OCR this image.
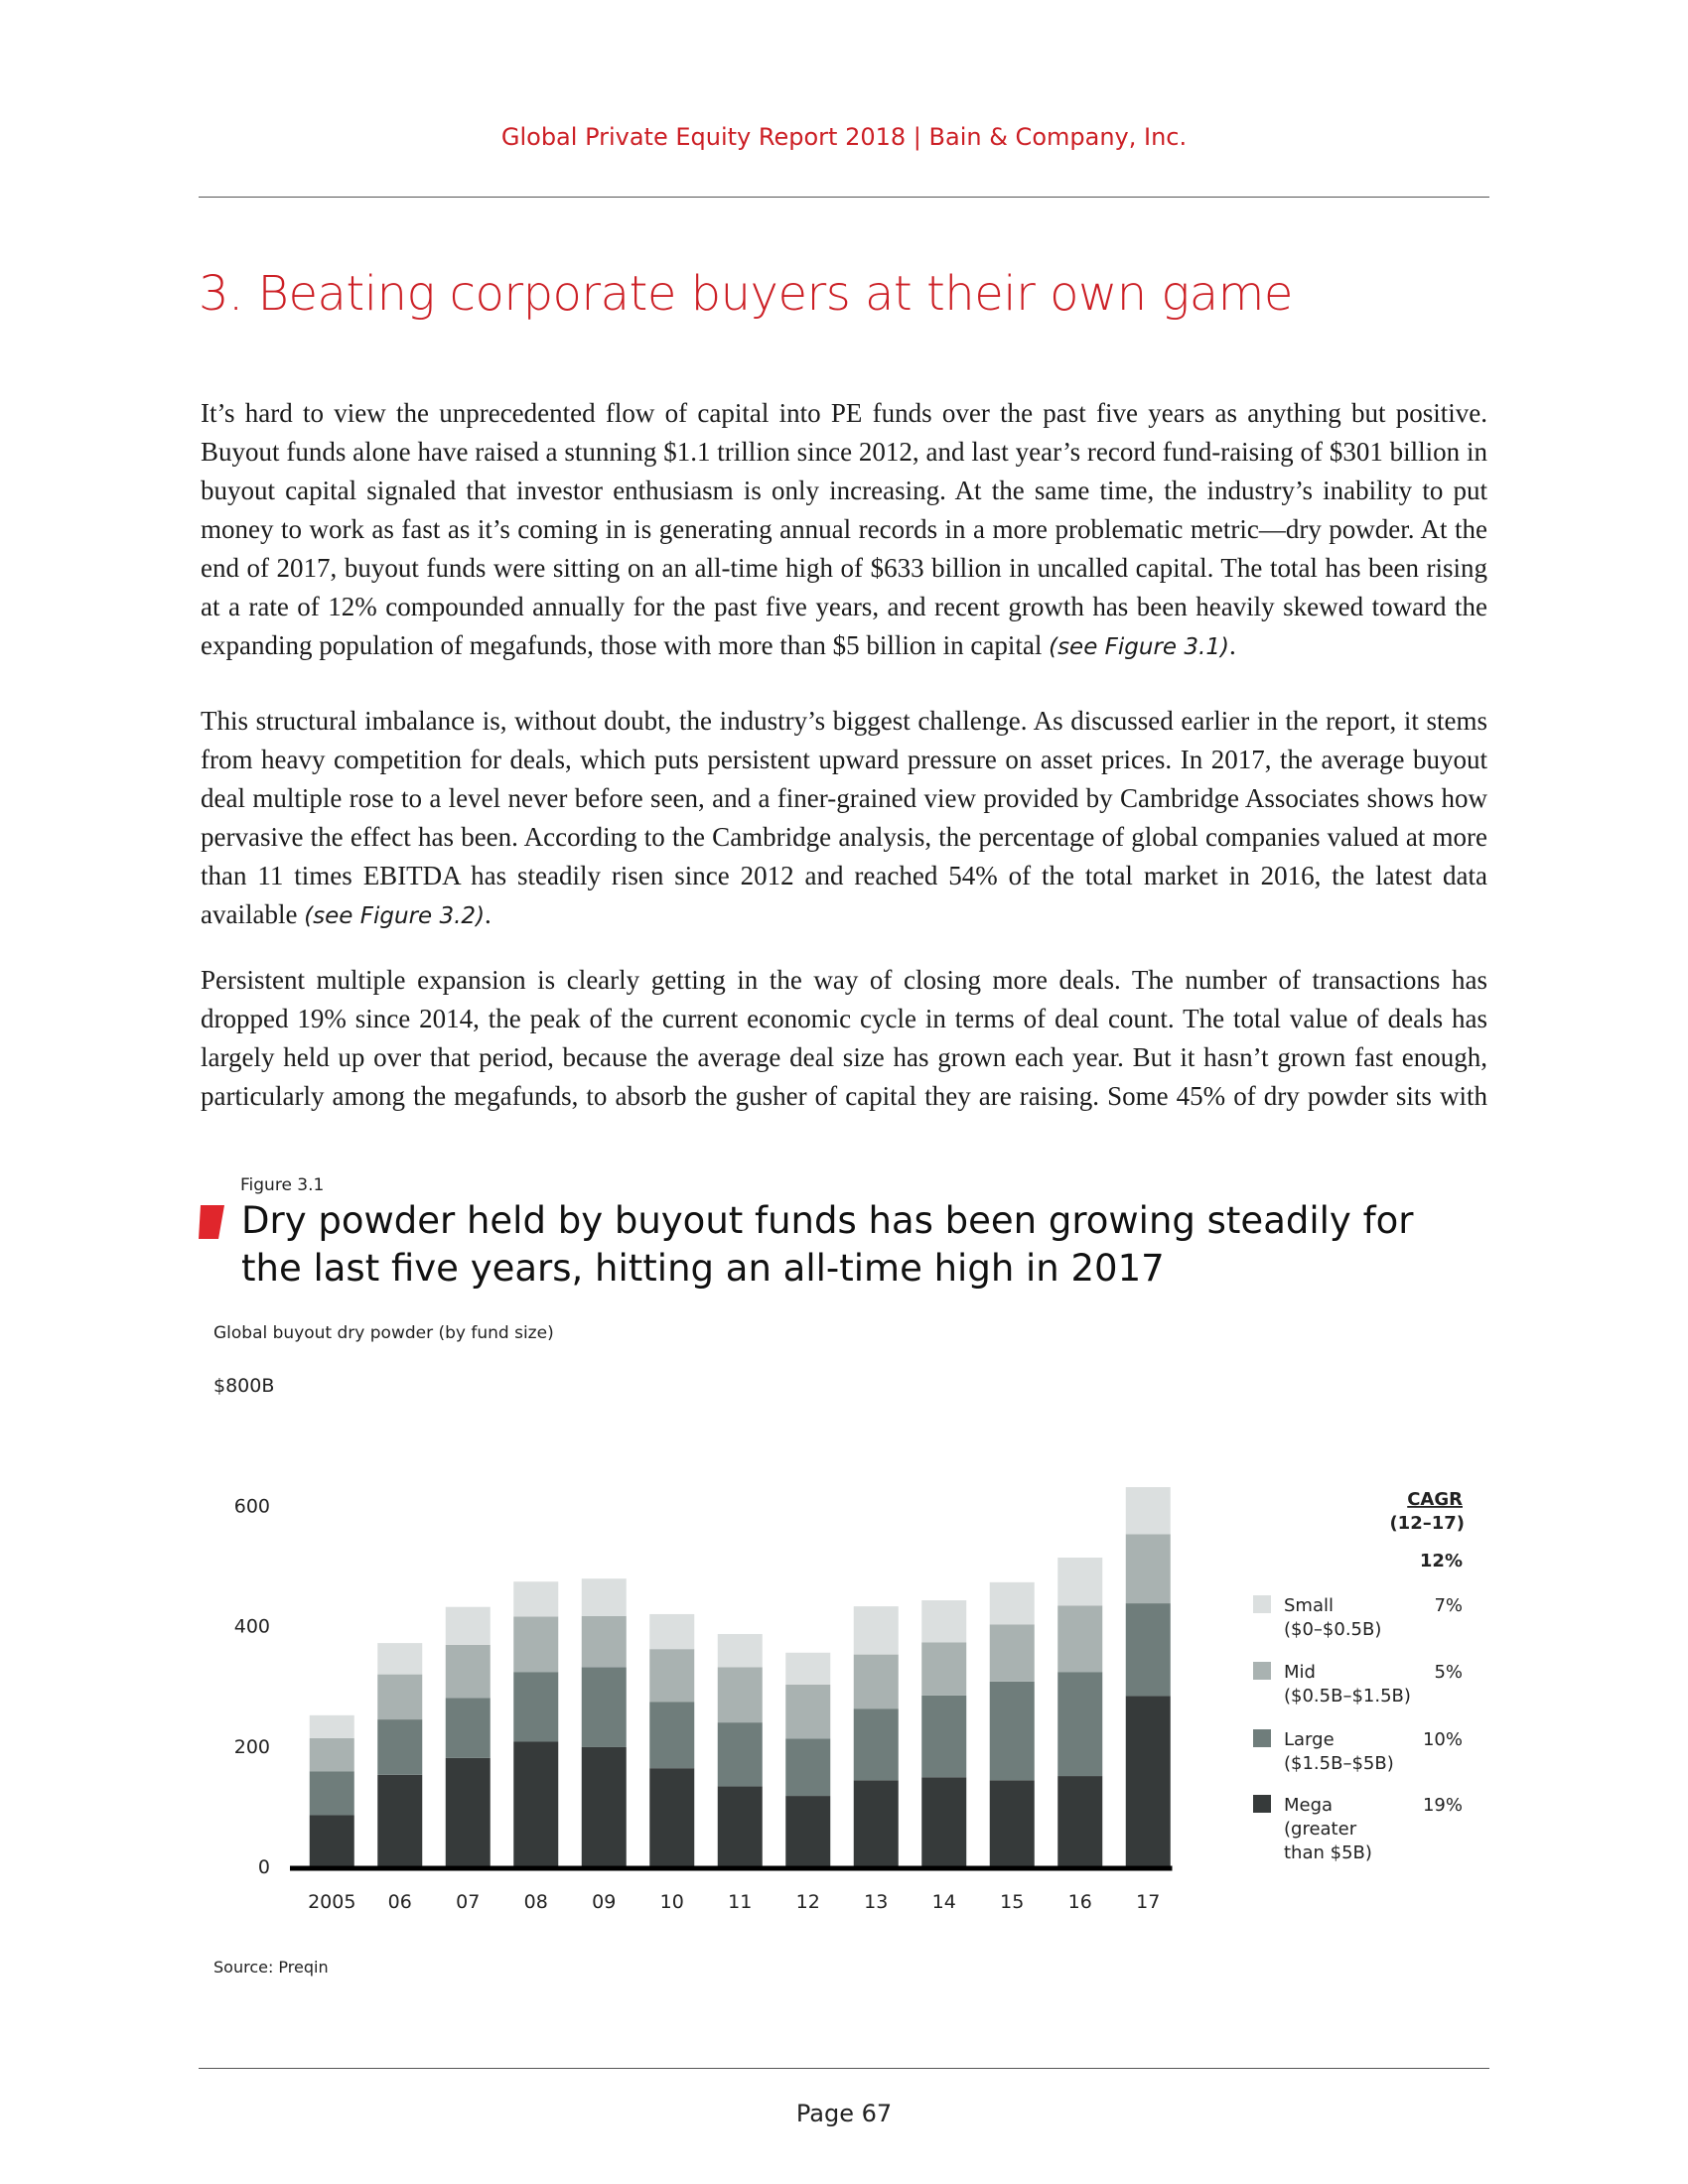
Global Private Equity Report 2018 | Bain & Company, Inc.
3. Beating corporate buyers at their own game
It’s hard to view the unprecedented flow of capital into PE funds over the past five years as anything but positive. Buyout funds alone have raised a stunning $1.1 trillion since 2012, and last year’s record fund-raising of $301 billion in buyout capital signaled that investor enthusiasm is only increasing. At the same time, the industry’s inability to put money to work as fast as it’s coming in is generating annual records in a more problematic metric—dry powder. At the end of 2017, buyout funds were sitting on an all-time high of $633 billion in uncalled capital. The total has been rising at a rate of 12% compounded annually for the past five years, and recent growth has been heavily skewed toward the expanding population of megafunds, those with more than $5 billion in capital (see Figure 3.1).
This structural imbalance is, without doubt, the industry’s biggest challenge. As discussed earlier in the report, it stems from heavy competition for deals, which puts persistent upward pressure on asset prices. In 2017, the average buyout deal multiple rose to a level never before seen, and a finer-grained view provided by Cambridge Associates shows how pervasive the effect has been. According to the Cambridge analysis, the percentage of global companies valued at more than 11 times EBITDA has steadily risen since 2012 and reached 54% of the total market in 2016, the latest data available (see Figure 3.2).
Persistent multiple expansion is clearly getting in the way of closing more deals. The number of transactions has dropped 19% since 2014, the peak of the current economic cycle in terms of deal count. The total value of deals has largely held up over that period, because the average deal size has grown each year. But it hasn’t grown fast enough, particularly among the megafunds, to absorb the gusher of capital they are raising. Some 45% of dry powder sits with
Figure 3.1
Dry powder held by buyout funds has been growing steadily for the last five years, hitting an all-time high in 2017
Global buyout dry powder (by fund size)
0
200
400
600
$800B
2005 06 07 08 09 10 11 12 13 14 15 16 17
CAGR
(12–17)
12%
Small
($0–$0.5B)
7%
Mid
($0.5B–$1.5B)
5%
Large
($1.5B–$5B)
10%
Mega
(greater
than $5B)
19%
Source: Preqin
Page 67
